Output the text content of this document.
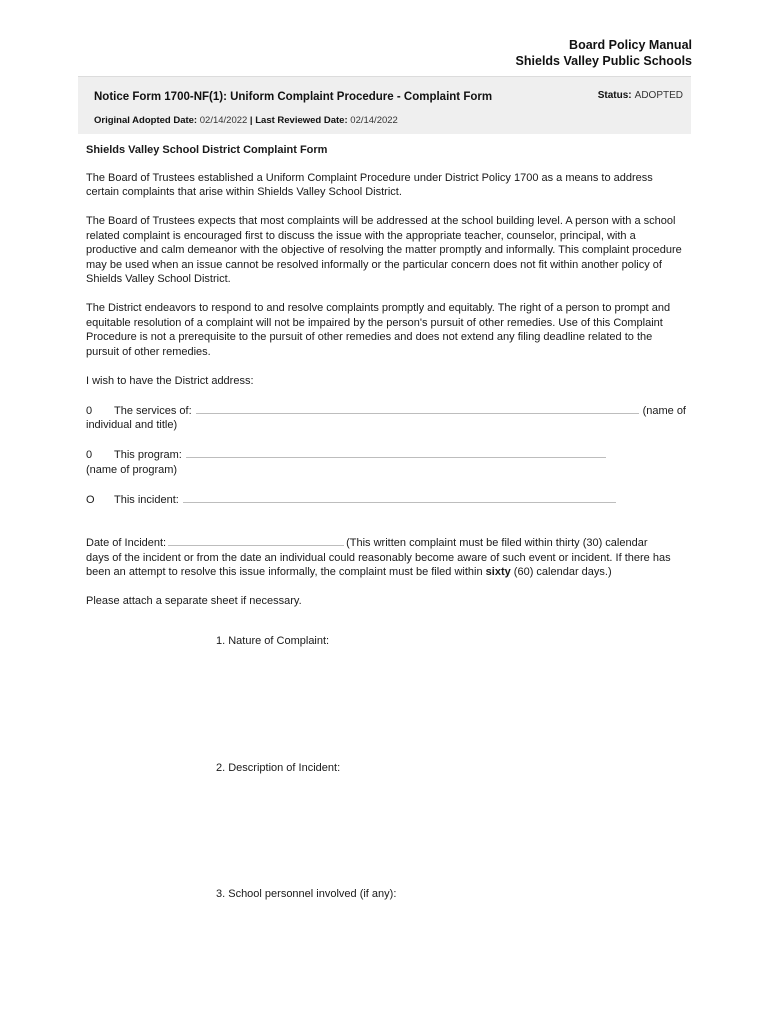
Board Policy Manual
Shields Valley Public Schools
Notice Form 1700-NF(1): Uniform Complaint Procedure - Complaint Form	Status: ADOPTED
Original Adopted Date: 02/14/2022 | Last Reviewed Date: 02/14/2022
Shields Valley School District Complaint Form

The Board of Trustees established a Uniform Complaint Procedure under District Policy 1700 as a means to address certain complaints that arise within Shields Valley School District.

The Board of Trustees expects that most complaints will be addressed at the school building level. A person with a school related complaint is encouraged first to discuss the issue with the appropriate teacher, counselor, principal, with a productive and calm demeanor with the objective of resolving the matter promptly and informally. This complaint procedure may be used when an issue cannot be resolved informally or the particular concern does not fit within another policy of Shields Valley School District.

The District endeavors to respond to and resolve complaints promptly and equitably. The right of a person to prompt and equitable resolution of a complaint will not be impaired by the person's pursuit of other remedies. Use of this Complaint Procedure is not a prerequisite to the pursuit of other remedies and does not extend any filing deadline related to the pursuit of other remedies.

I wish to have the District address:

0	The services of:	(name of
individual and title)
0	This program:
(name of program)
O	This incident:
Date of Incident:	(This written complaint must be filed within thirty (30) calendar
days of the incident or from the date an individual could reasonably become aware of such event or incident. If there has been an attempt to resolve this issue informally, the complaint must be filed within sixty (60) calendar days.)

Please attach a separate sheet if necessary.

1. Nature of Complaint:
2. Description of Incident:
3. School personnel involved (if any):
